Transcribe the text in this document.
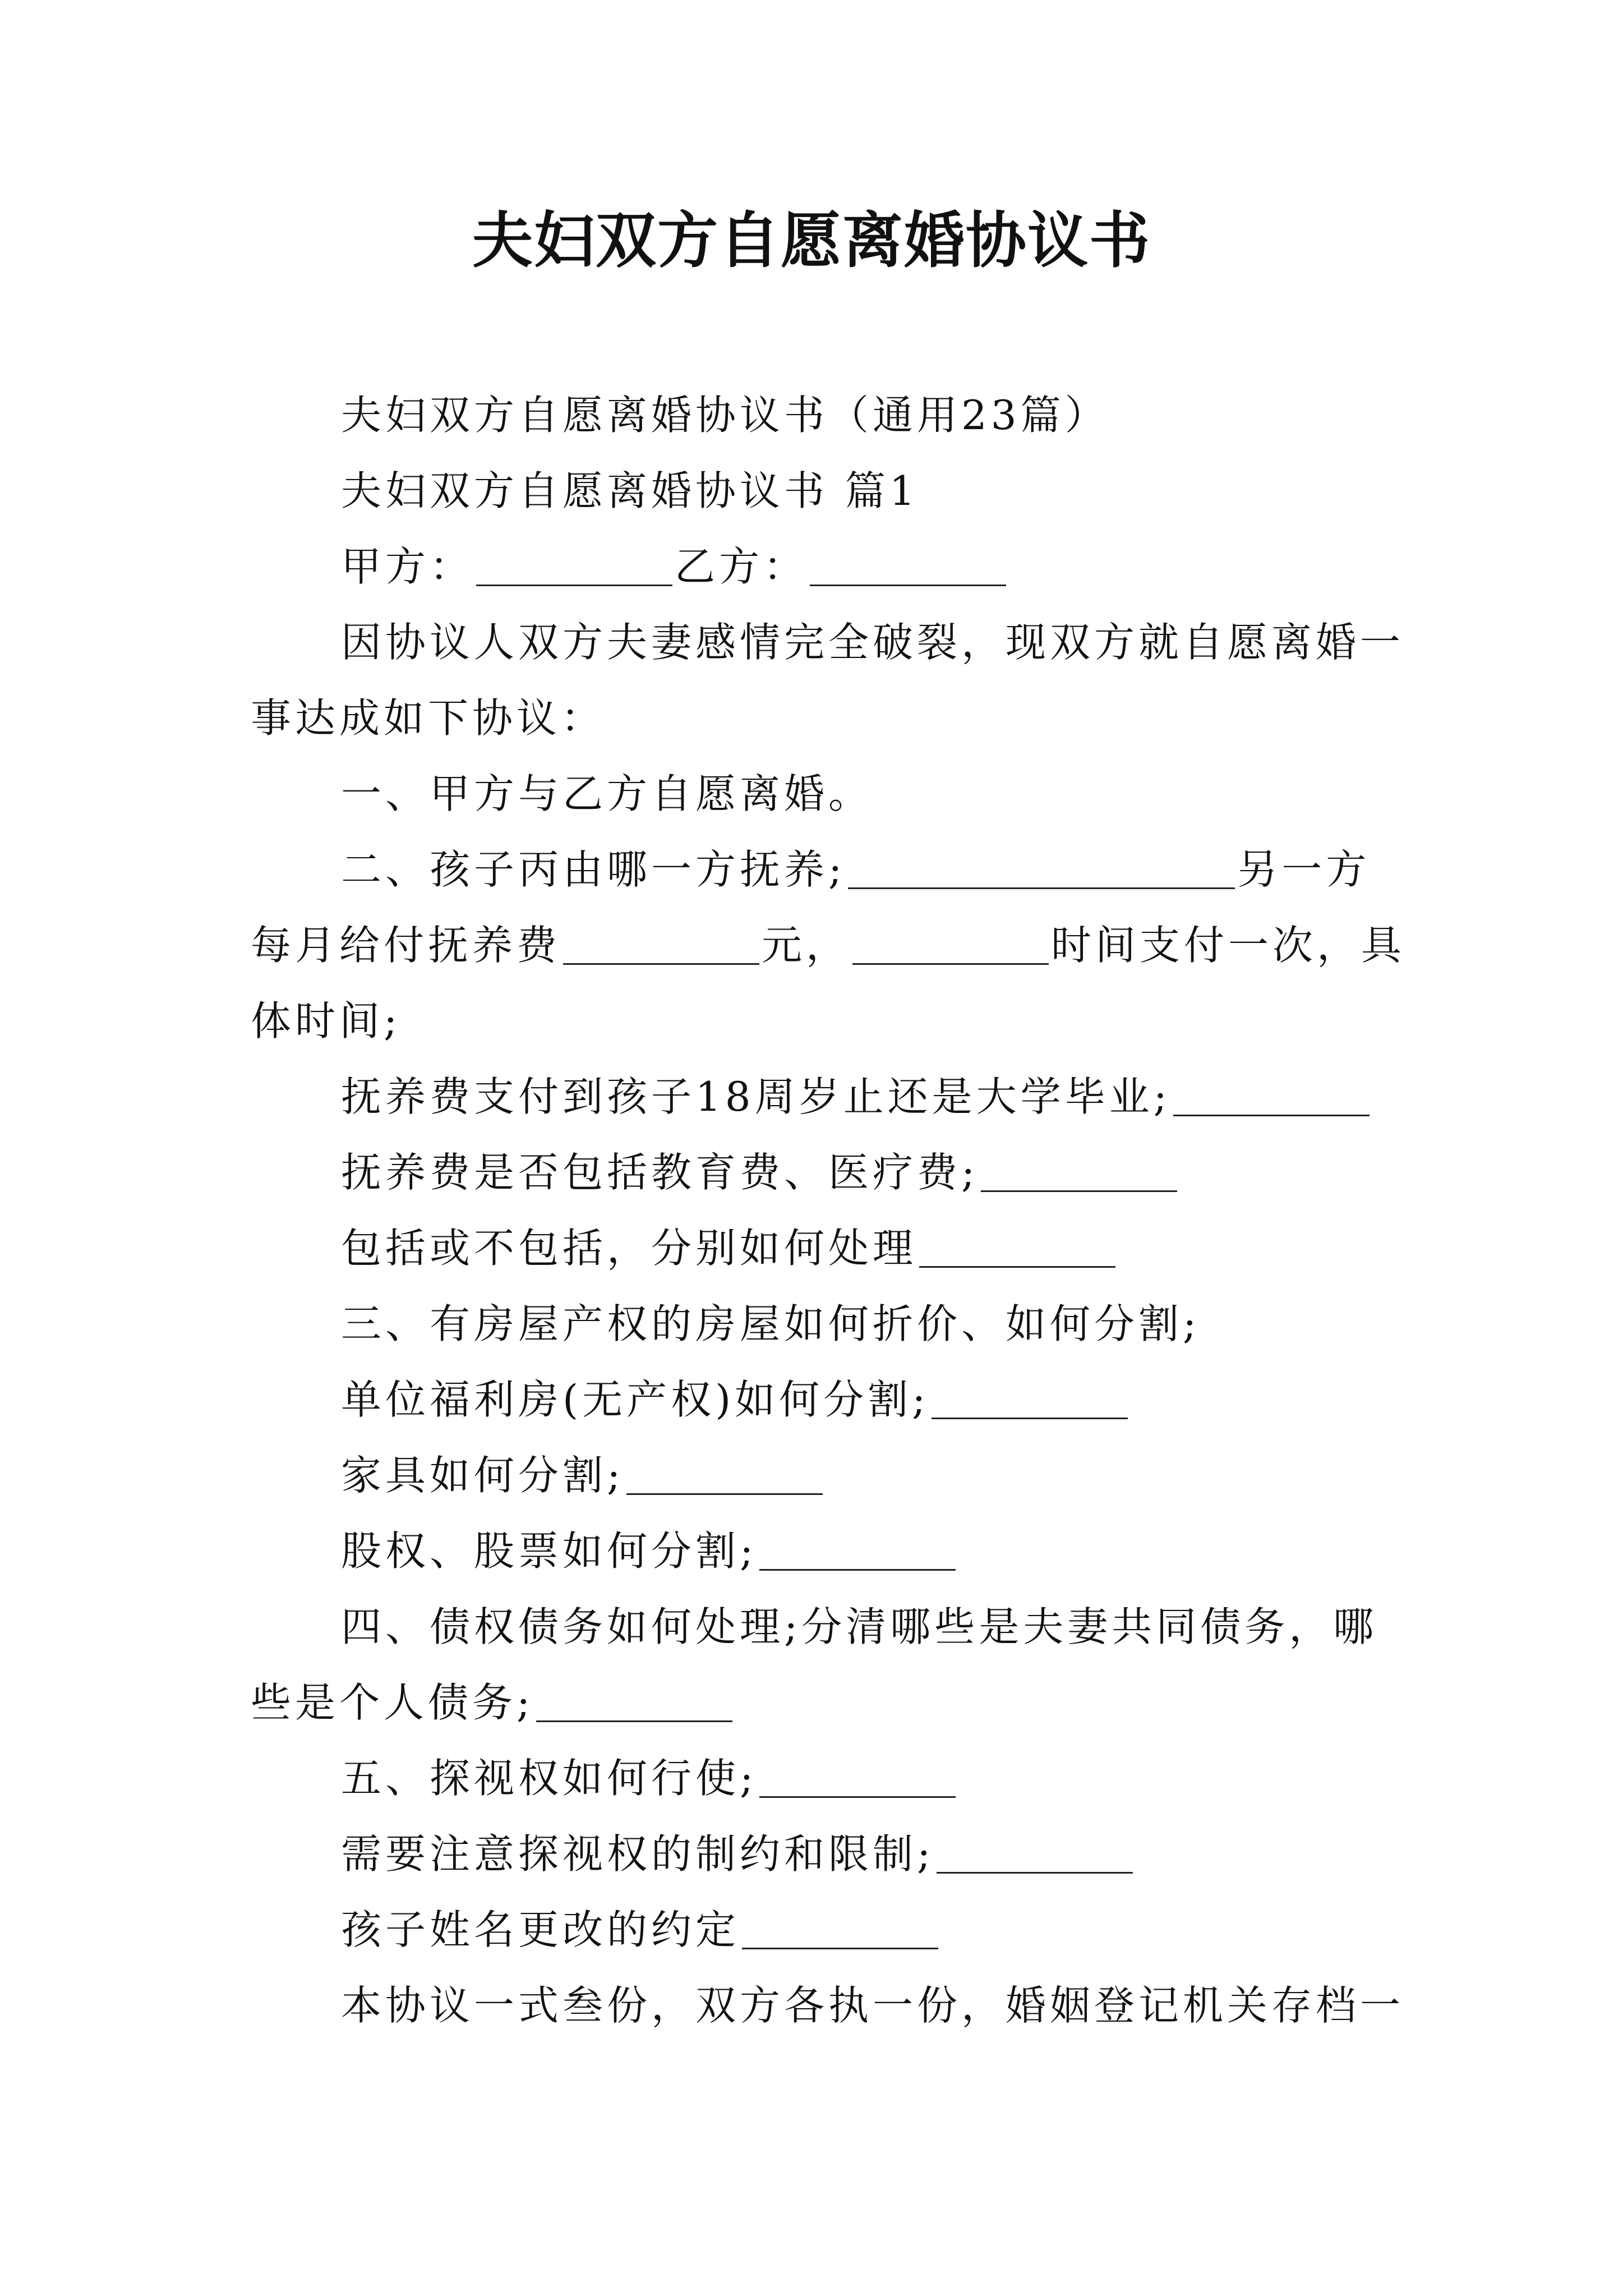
夫妇双方自愿离婚协议书
夫妇双方自愿离婚协议书（通用23篇）
夫妇双方自愿离婚协议书 篇1
甲方：	乙方：
因协议人双方夫妻感情完全破裂，现双方就自愿离婚一
事达成如下协议：
一、甲方与乙方自愿离婚。
二、孩子丙由哪一方抚养;	另一方
每月给付抚养费	元，	时间支付一次，具
体时间;
抚养费支付到孩子18周岁止还是大学毕业;
抚养费是否包括教育费、医疗费;
包括或不包括，分别如何处理
三、有房屋产权的房屋如何折价、如何分割;
单位福利房(无产权)如何分割;
家具如何分割;
股权、股票如何分割;
四、债权债务如何处理;分清哪些是夫妻共同债务，哪
些是个人债务;
五、探视权如何行使;
需要注意探视权的制约和限制;
孩子姓名更改的约定
本协议一式叁份，双方各执一份，婚姻登记机关存档一
